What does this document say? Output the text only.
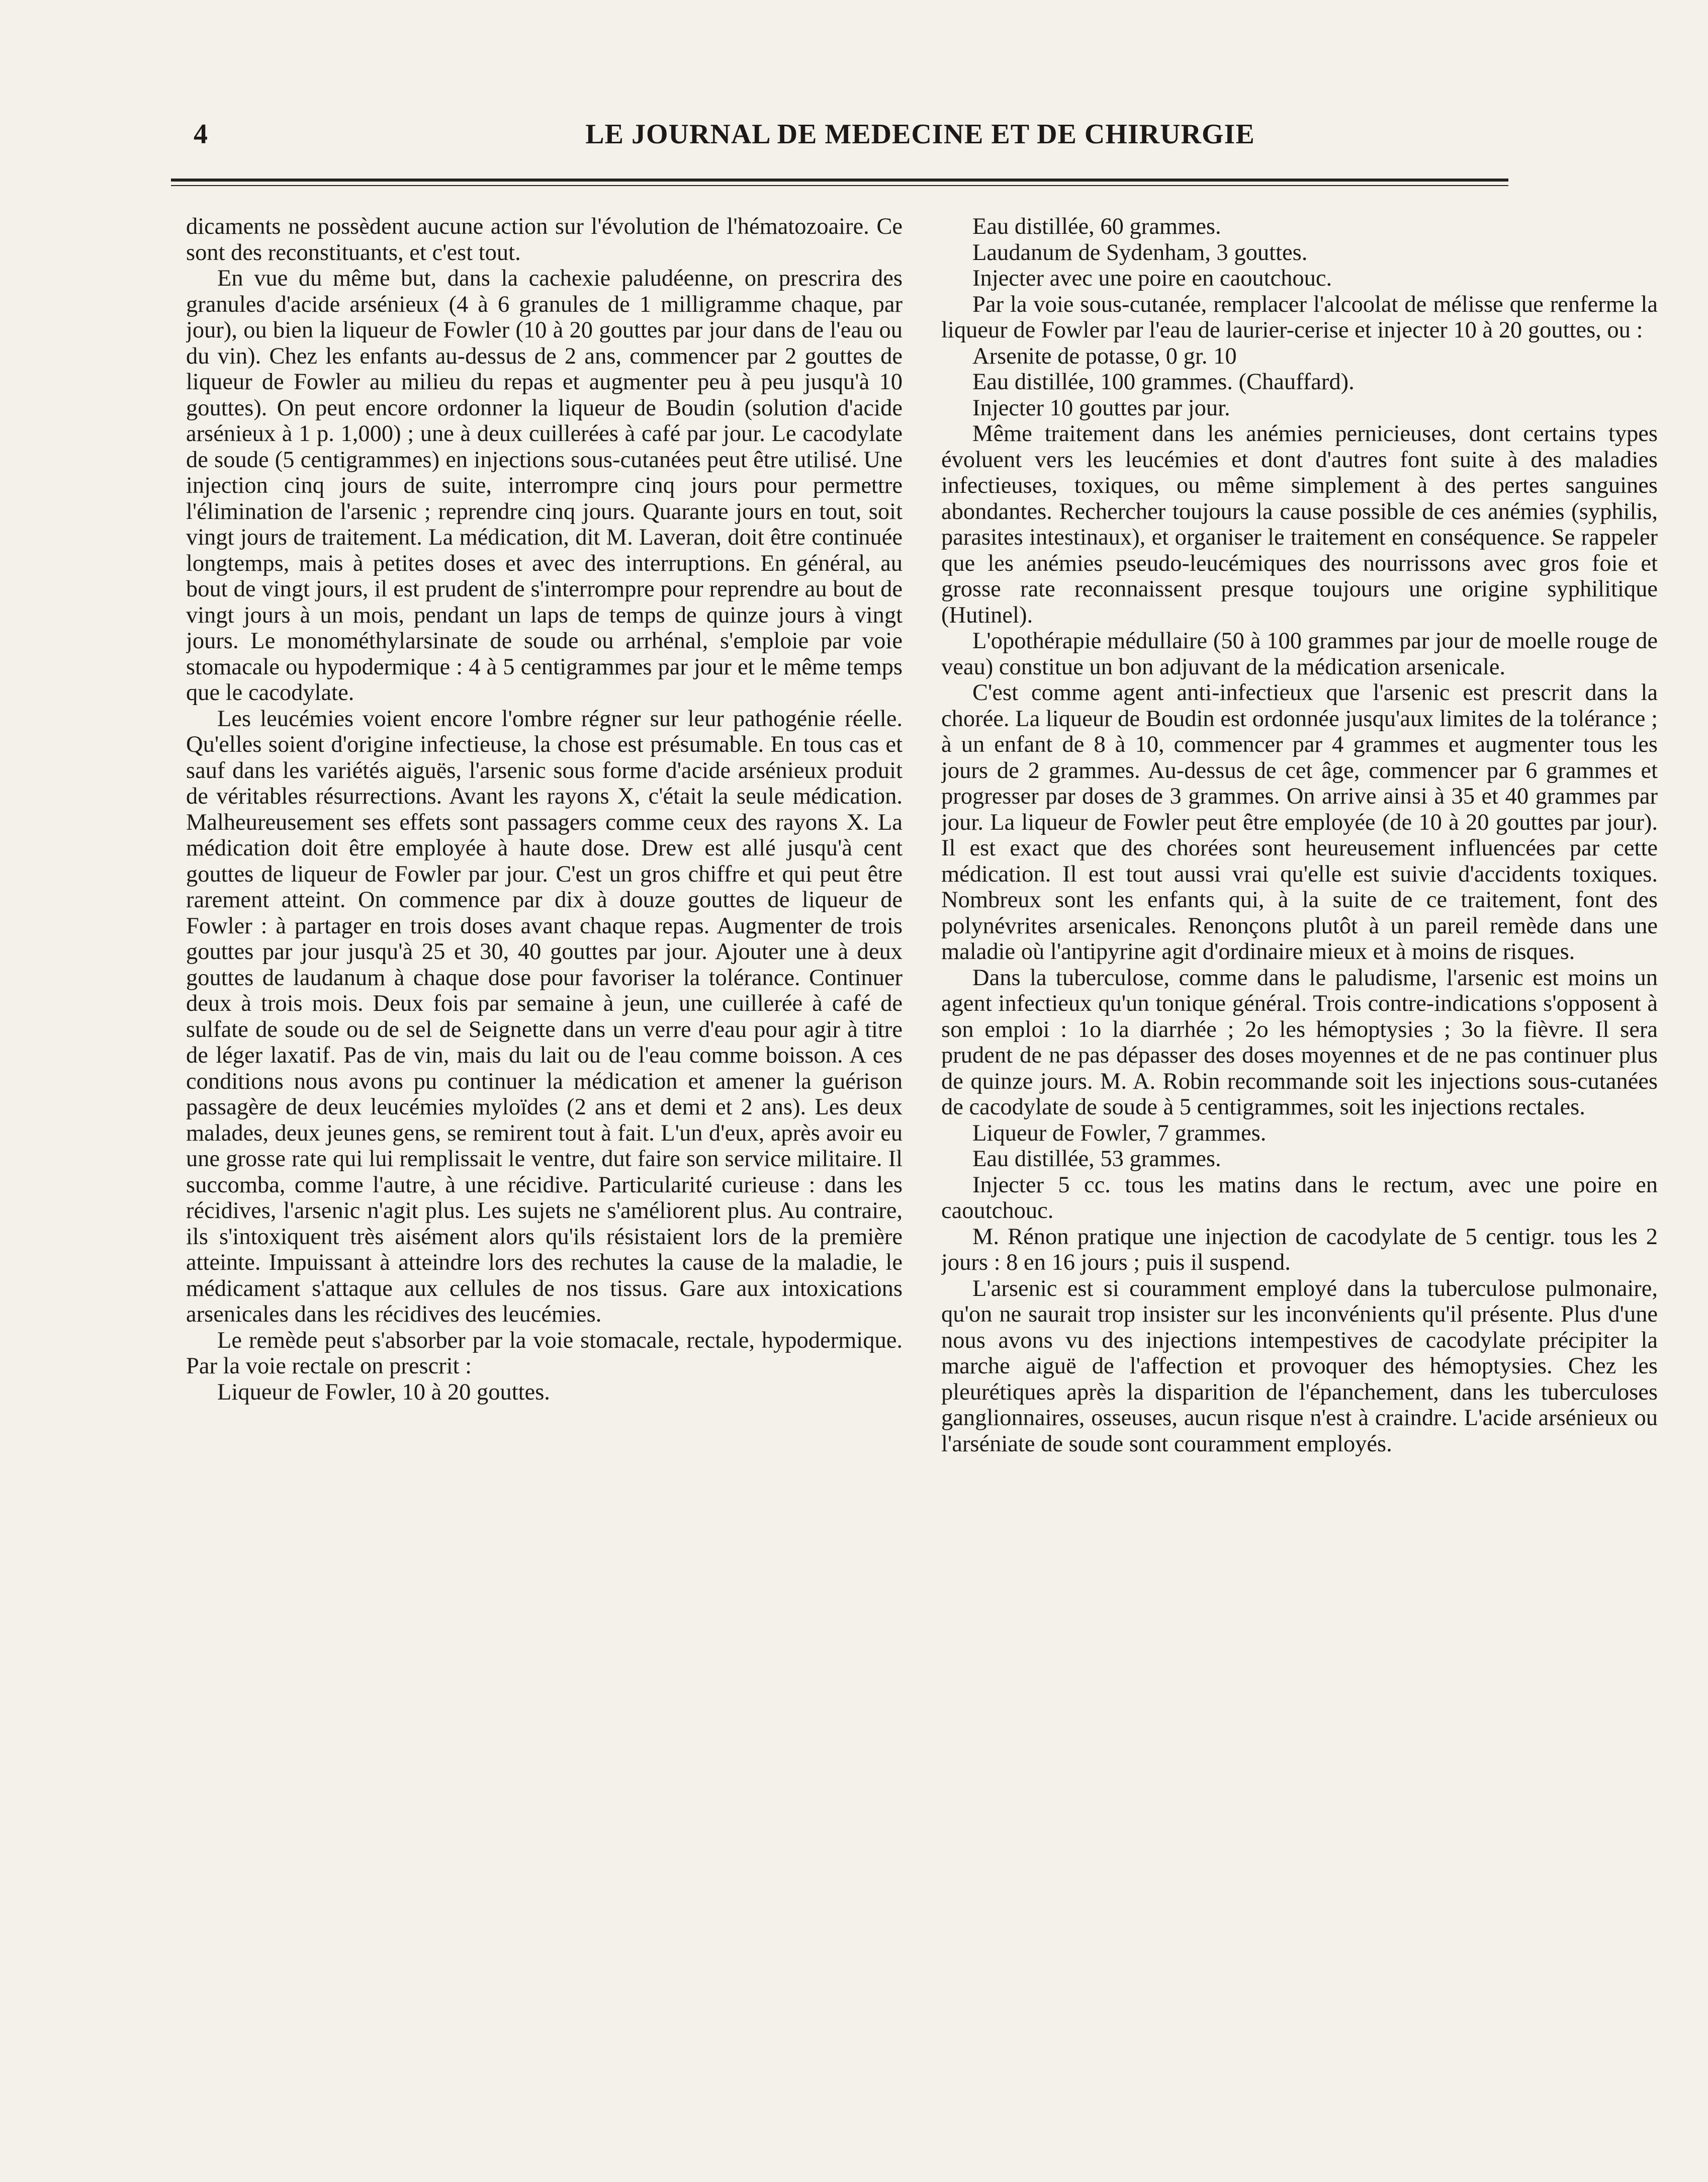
4	LE JOURNAL DE MEDECINE ET DE CHIRURGIE

dicaments ne possèdent aucune action sur l'évolution de l'hématozoaire. Ce sont des reconstituants, et c'est tout.

En vue du même but, dans la cachexie paludéenne, on prescrira des granules d'acide arsénieux (4 à 6 granules de 1 milligramme chaque, par jour), ou bien la liqueur de Fowler (10 à 20 gouttes par jour dans de l'eau ou du vin). Chez les enfants au-dessus de 2 ans, commencer par 2 gouttes de liqueur de Fowler au milieu du repas et augmenter peu à peu jusqu'à 10 gouttes). On peut encore ordonner la liqueur de Boudin (solution d'acide arsénieux à 1 p. 1,000) ; une à deux cuillerées à café par jour. Le cacodylate de soude (5 centigrammes) en injections sous-cutanées peut être utilisé. Une injection cinq jours de suite, interrompre cinq jours pour permettre l'élimination de l'arsenic ; reprendre cinq jours. Quarante jours en tout, soit vingt jours de traitement. La médication, dit M. Laveran, doit être continuée longtemps, mais à petites doses et avec des interruptions. En général, au bout de vingt jours, il est prudent de s'interrompre pour reprendre au bout de vingt jours à un mois, pendant un laps de temps de quinze jours à vingt jours. Le monométhylarsinate de soude ou arrhénal, s'emploie par voie stomacale ou hypodermique : 4 à 5 centigrammes par jour et le même temps que le cacodylate.

Les leucémies voient encore l'ombre régner sur leur pathogénie réelle. Qu'elles soient d'origine infectieuse, la chose est présumable. En tous cas et sauf dans les variétés aiguës, l'arsenic sous forme d'acide arsénieux produit de véritables résurrections. Avant les rayons X, c'était la seule médication. Malheureusement ses effets sont passagers comme ceux des rayons X. La médication doit être employée à haute dose. Drew est allé jusqu'à cent gouttes de liqueur de Fowler par jour. C'est un gros chiffre et qui peut être rarement atteint. On commence par dix à douze gouttes de liqueur de Fowler : à partager en trois doses avant chaque repas. Augmenter de trois gouttes par jour jusqu'à 25 et 30, 40 gouttes par jour. Ajouter une à deux gouttes de laudanum à chaque dose pour favoriser la tolérance. Continuer deux à trois mois. Deux fois par semaine à jeun, une cuillerée à café de sulfate de soude ou de sel de Seignette dans un verre d'eau pour agir à titre de léger laxatif. Pas de vin, mais du lait ou de l'eau comme boisson. A ces conditions nous avons pu continuer la médication et amener la guérison passagère de deux leucémies myloïdes (2 ans et demi et 2 ans). Les deux malades, deux jeunes gens, se remirent tout à fait. L'un d'eux, après avoir eu une grosse rate qui lui remplissait le ventre, dut faire son service militaire. Il succomba, comme l'autre, à une récidive. Particularité curieuse : dans les récidives, l'arsenic n'agit plus. Les sujets ne s'améliorent plus. Au contraire, ils s'intoxiquent très aisément alors qu'ils résistaient lors de la première atteinte. Impuissant à atteindre lors des rechutes la cause de la maladie, le médicament s'attaque aux cellules de nos tissus. Gare aux intoxications arsenicales dans les récidives des leucémies.

Le remède peut s'absorber par la voie stomacale, rectale, hypodermique. Par la voie rectale on prescrit :

Liqueur de Fowler, 10 à 20 gouttes.

Eau distillée, 60 grammes.

Laudanum de Sydenham, 3 gouttes.

Injecter avec une poire en caoutchouc.

Par la voie sous-cutanée, remplacer l'alcoolat de mélisse que renferme la liqueur de Fowler par l'eau de laurier-cerise et injecter 10 à 20 gouttes, ou :

Arsenite de potasse, 0 gr. 10

Eau distillée, 100 grammes. (Chauffard).

Injecter 10 gouttes par jour.

Même traitement dans les anémies pernicieuses, dont certains types évoluent vers les leucémies et dont d'autres font suite à des maladies infectieuses, toxiques, ou même simplement à des pertes sanguines abondantes. Rechercher toujours la cause possible de ces anémies (syphilis, parasites intestinaux), et organiser le traitement en conséquence. Se rappeler que les anémies pseudo-leucémiques des nourrissons avec gros foie et grosse rate reconnaissent presque toujours une origine syphilitique (Hutinel).

L'opothérapie médullaire (50 à 100 grammes par jour de moelle rouge de veau) constitue un bon adjuvant de la médication arsenicale.

C'est comme agent anti-infectieux que l'arsenic est prescrit dans la chorée. La liqueur de Boudin est ordonnée jusqu'aux limites de la tolérance ; à un enfant de 8 à 10, commencer par 4 grammes et augmenter tous les jours de 2 grammes. Au-dessus de cet âge, commencer par 6 grammes et progresser par doses de 3 grammes. On arrive ainsi à 35 et 40 grammes par jour. La liqueur de Fowler peut être employée (de 10 à 20 gouttes par jour). Il est exact que des chorées sont heureusement influencées par cette médication. Il est tout aussi vrai qu'elle est suivie d'accidents toxiques. Nombreux sont les enfants qui, à la suite de ce traitement, font des polynévrites arsenicales. Renonçons plutôt à un pareil remède dans une maladie où l'antipyrine agit d'ordinaire mieux et à moins de risques.

Dans la tuberculose, comme dans le paludisme, l'arsenic est moins un agent infectieux qu'un tonique général. Trois contre-indications s'opposent à son emploi : 1o la diarrhée ; 2o les hémoptysies ; 3o la fièvre. Il sera prudent de ne pas dépasser des doses moyennes et de ne pas continuer plus de quinze jours. M. A. Robin recommande soit les injections sous-cutanées de cacodylate de soude à 5 centigrammes, soit les injections rectales.

Liqueur de Fowler, 7 grammes.

Eau distillée, 53 grammes.

Injecter 5 cc. tous les matins dans le rectum, avec une poire en caoutchouc.

M. Rénon pratique une injection de cacodylate de 5 centigr. tous les 2 jours : 8 en 16 jours ; puis il suspend.

L'arsenic est si couramment employé dans la tuberculose pulmonaire, qu'on ne saurait trop insister sur les inconvénients qu'il présente. Plus d'une nous avons vu des injections intempestives de cacodylate précipiter la marche aiguë de l'affection et provoquer des hémoptysies. Chez les pleurétiques après la disparition de l'épanchement, dans les tuberculoses ganglionnaires, osseuses, aucun risque n'est à craindre. L'acide arsénieux ou l'arséniate de soude sont couramment employés.
